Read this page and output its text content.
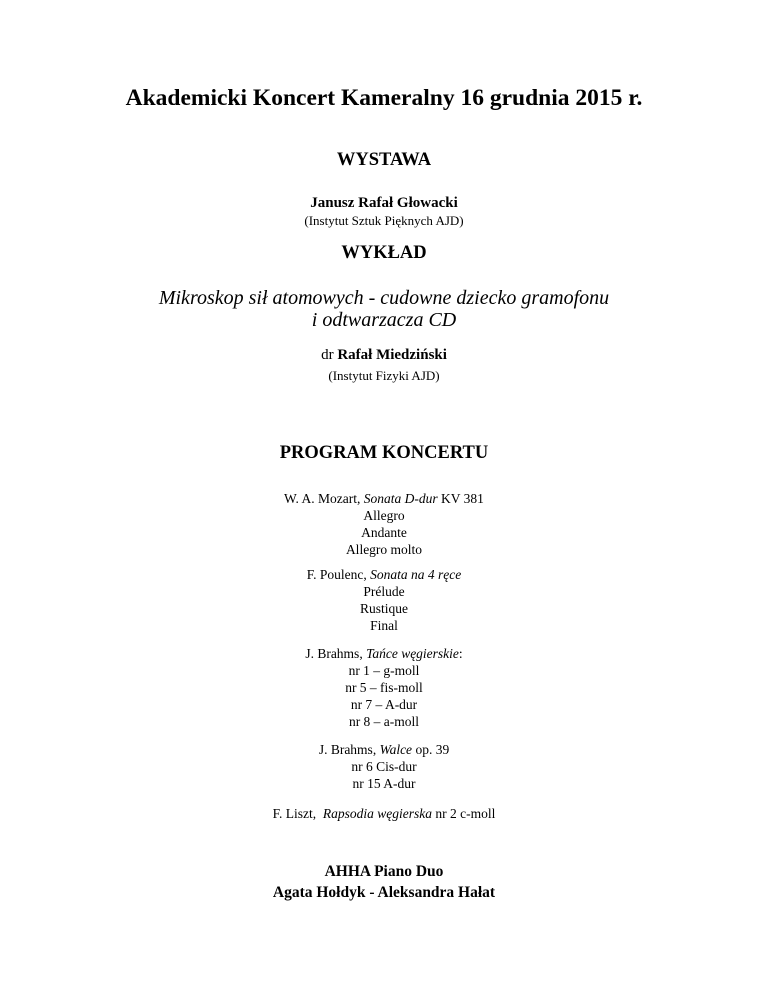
Akademicki Koncert Kameralny 16 grudnia 2015 r.
WYSTAWA
Janusz Rafał Głowacki
(Instytut Sztuk Pięknych AJD)
WYKŁAD
Mikroskop sił atomowych - cudowne dziecko gramofonu
i odtwarzacza CD
dr Rafał Miedziński
(Instytut Fizyki AJD)
PROGRAM KONCERTU
W. A. Mozart, Sonata D-dur KV 381
Allegro
Andante
Allegro molto
F. Poulenc, Sonata na 4 ręce
Prélude
Rustique
Final
J. Brahms, Tańce węgierskie:
nr 1 – g-moll
nr 5 – fis-moll
nr 7 – A-dur
nr 8 – a-moll
J. Brahms, Walce op. 39
nr 6 Cis-dur
nr 15 A-dur
F. Liszt,  Rapsodia węgierska nr 2 c-moll
AHHA Piano Duo
Agata Hołdyk - Aleksandra Hałat
